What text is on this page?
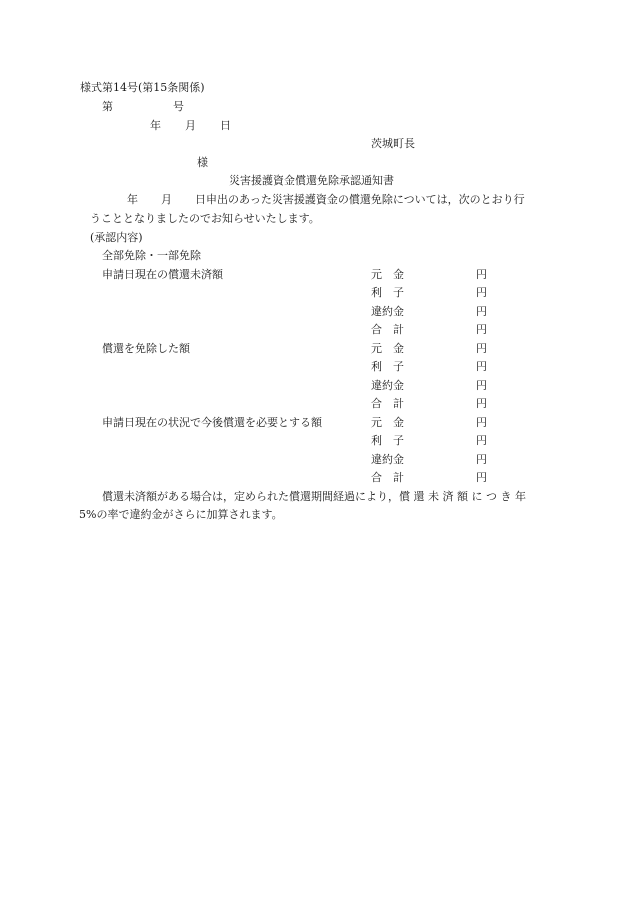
様式第14号(第15条関係)
第	号
年 月 日
茨城町長
様
災害援護資金償還免除承認通知書
年 月 日申出のあった災害援護資金の償還免除については，次のとおり行
うこととなりましたのでお知らせいたします。
(承認内容)
全部免除・一部免除
申請日現在の償還未済額	元　金	円
利　子	円
違約金	円
合　計	円
償還を免除した額	元　金	円
利　子	円
違約金	円
合　計	円
申請日現在の状況で今後償還を必要とする額	元　金	円
利　子	円
違約金	円
合　計	円
償還未済額がある場合は，定められた償還期間経過により，償 還 未 済 額 に つ き 年
5%の率で違約金がさらに加算されます。
